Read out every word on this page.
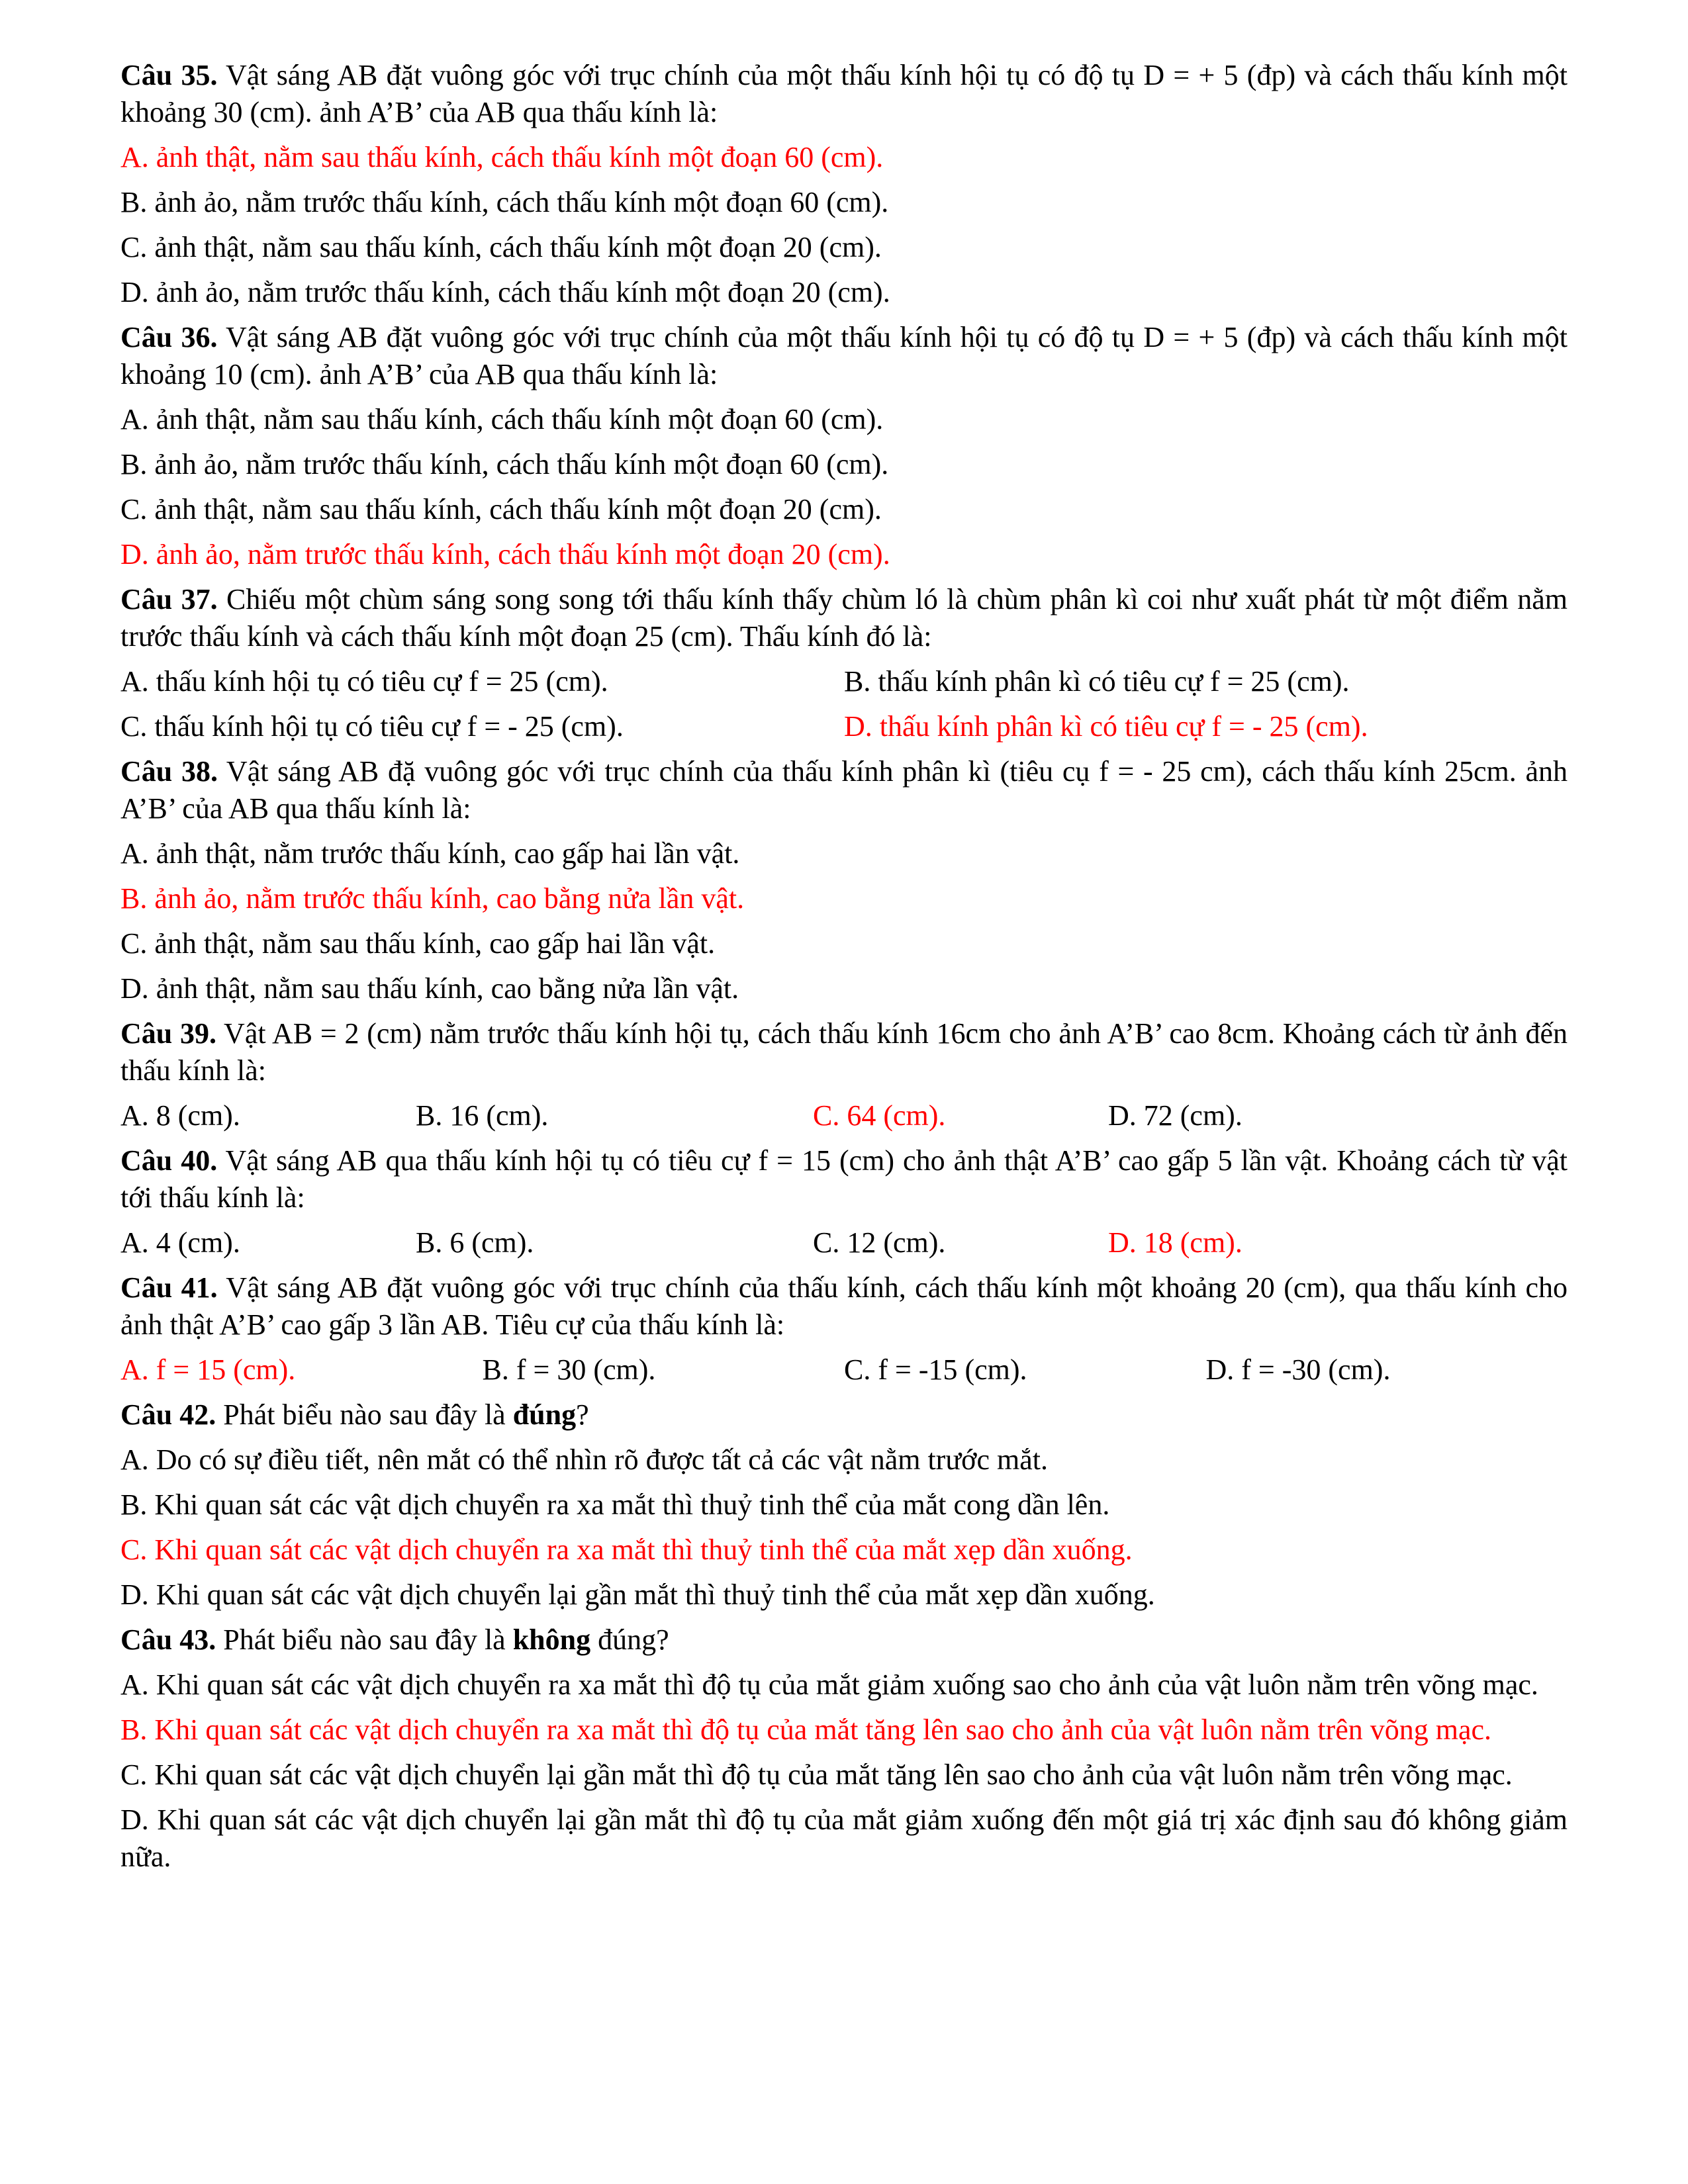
Câu 35. Vật sáng AB đặt vuông góc với trục chính của một thấu kính hội tụ có độ tụ D = + 5 (đp) và cách thấu kính một khoảng 30 (cm). ảnh A’B’ của AB qua thấu kính là:

A. ảnh thật, nằm sau thấu kính, cách thấu kính một đoạn 60 (cm).
B. ảnh ảo, nằm trước thấu kính, cách thấu kính một đoạn 60 (cm).
C. ảnh thật, nằm sau thấu kính, cách thấu kính một đoạn 20 (cm).
D. ảnh ảo, nằm trước thấu kính, cách thấu kính một đoạn 20 (cm).

Câu 36. Vật sáng AB đặt vuông góc với trục chính của một thấu kính hội tụ có độ tụ D = + 5 (đp) và cách thấu kính một khoảng 10 (cm). ảnh A’B’ của AB qua thấu kính là:

A. ảnh thật, nằm sau thấu kính, cách thấu kính một đoạn 60 (cm).
B. ảnh ảo, nằm trước thấu kính, cách thấu kính một đoạn 60 (cm).
C. ảnh thật, nằm sau thấu kính, cách thấu kính một đoạn 20 (cm).
D. ảnh ảo, nằm trước thấu kính, cách thấu kính một đoạn 20 (cm).

Câu 37. Chiếu một chùm sáng song song tới thấu kính thấy chùm ló là chùm phân kì coi như xuất phát từ một điểm nằm trước thấu kính và cách thấu kính một đoạn 25 (cm). Thấu kính đó là:

A. thấu kính hội tụ có tiêu cự f = 25 (cm).	B. thấu kính phân kì có tiêu cự f = 25 (cm).
C. thấu kính hội tụ có tiêu cự f = - 25 (cm).	D. thấu kính phân kì có tiêu cự f = - 25 (cm).

Câu 38. Vật sáng AB đặ vuông góc với trục chính của thấu kính phân kì (tiêu cụ f = - 25 cm), cách thấu kính 25cm. ảnh A’B’ của AB qua thấu kính là:

A. ảnh thật, nằm trước thấu kính, cao gấp hai lần vật.
B. ảnh ảo, nằm trước thấu kính, cao bằng nửa lần vật.
C. ảnh thật, nằm sau thấu kính, cao gấp hai lần vật.
D. ảnh thật, nằm sau thấu kính, cao bằng nửa lần vật.

Câu 39. Vật AB = 2 (cm) nằm trước thấu kính hội tụ, cách thấu kính 16cm cho ảnh A’B’ cao 8cm. Khoảng cách từ ảnh đến thấu kính là:

A. 8 (cm).	B. 16 (cm).	C. 64 (cm).	D. 72 (cm).

Câu 40. Vật sáng AB qua thấu kính hội tụ có tiêu cự f = 15 (cm) cho ảnh thật A’B’ cao gấp 5 lần vật. Khoảng cách từ vật tới thấu kính là:

A. 4 (cm).	B. 6 (cm).	C. 12 (cm).	D. 18 (cm).

Câu 41. Vật sáng AB đặt vuông góc với trục chính của thấu kính, cách thấu kính một khoảng 20 (cm), qua thấu kính cho ảnh thật A’B’ cao gấp 3 lần AB. Tiêu cự của thấu kính là:

A. f = 15 (cm).	B. f = 30 (cm).	C. f = -15 (cm).	D. f = -30 (cm).

Câu 42. Phát biểu nào sau đây là đúng?

A. Do có sự điều tiết, nên mắt có thể nhìn rõ được tất cả các vật nằm trước mắt.
B. Khi quan sát các vật dịch chuyển ra xa mắt thì thuỷ tinh thể của mắt cong dần lên.
C. Khi quan sát các vật dịch chuyển ra xa mắt thì thuỷ tinh thể của mắt xẹp dần xuống.
D. Khi quan sát các vật dịch chuyển lại gần mắt thì thuỷ tinh thể của mắt xẹp dần xuống.

Câu 43. Phát biểu nào sau đây là không đúng?

A. Khi quan sát các vật dịch chuyển ra xa mắt thì độ tụ của mắt giảm xuống sao cho ảnh của vật luôn nằm trên võng mạc.
B. Khi quan sát các vật dịch chuyển ra xa mắt thì độ tụ của mắt tăng lên sao cho ảnh của vật luôn nằm trên võng mạc.
C. Khi quan sát các vật dịch chuyển lại gần mắt thì độ tụ của mắt tăng lên sao cho ảnh của vật luôn nằm trên võng mạc.
D. Khi quan sát các vật dịch chuyển lại gần mắt thì độ tụ của mắt giảm xuống đến một giá trị xác định sau đó không giảm nữa.
